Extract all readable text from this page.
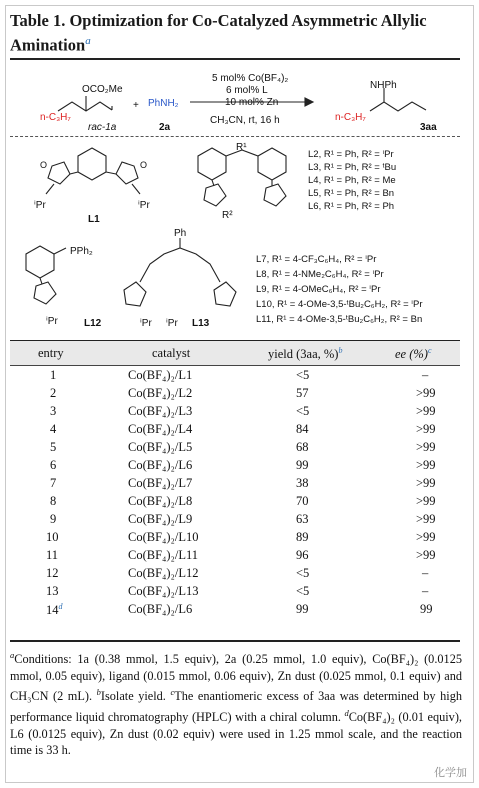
Table 1. Optimization for Co-Catalyzed Asymmetric Allylic
Amination$^a$
OCO₂Me
n-C₃H₇
rac-1a
+ PhNH₂
2a
5 mol% Co(BF₄)₂
6 mol% L
10 mol% Zn
CH₃CN, rt, 16 h
NHPh
n-C₃H₇
3aa
O	O
ⁱPr	ⁱPr
L1
R¹
R²
L2, R¹ = Ph, R² = ⁱPr
L3, R¹ = Ph, R² = ᵗBu
L4, R¹ = Ph, R² = Me
L5, R¹ = Ph, R² = Bn
L6, R¹ = Ph, R² = Ph
PPh₂
ⁱPr	L12
Ph
ⁱPr ⁱPr L13
L7, R¹ = 4-CF₃C₆H₄, R² = ⁱPr
L8, R¹ = 4-NMe₂C₆H₄, R² = ⁱPr
L9, R¹ = 4-OMeC₆H₄, R² = ⁱPr
L10, R¹ = 4-OMe-3,5-ᵗBu₂C₆H₂, R² = ⁱPr
L11, R¹ = 4-OMe-3,5-ᵗBu₂C₆H₂, R² = Bn
entry	catalyst	yield (3aa, %)$^b$	ee (%)$^c$
1	Co(BF₄)₂/L1	<5	–
2	Co(BF₄)₂/L2	57	>99
3	Co(BF₄)₂/L3	<5	>99
4	Co(BF₄)₂/L4	84	>99
5	Co(BF₄)₂/L5	68	>99
6	Co(BF₄)₂/L6	99	>99
7	Co(BF₄)₂/L7	38	>99
8	Co(BF₄)₂/L8	70	>99
9	Co(BF₄)₂/L9	63	>99
10	Co(BF₄)₂/L10	89	>99
11	Co(BF₄)₂/L11	96	>99
12	Co(BF₄)₂/L12	<5	–
13	Co(BF₄)₂/L13	<5	–
14$^d$	Co(BF₄)₂/L6	99	99
$^a$Conditions: 1a (0.38 mmol, 1.5 equiv), 2a (0.25 mmol, 1.0 equiv), Co(BF₄)₂ (0.0125 mmol, 0.05 equiv), ligand (0.015 mmol, 0.06 equiv), Zn dust (0.025 mmol, 0.1 equiv) and CH₃CN (2 mL). $^b$Isolate yield. $^c$The enantiomeric excess of 3aa was determined by high performance liquid chromatography (HPLC) with a chiral column. $^d$Co(BF₄)₂ (0.01 equiv), L6 (0.0125 equiv), Zn dust (0.02 equiv) were used in 1.25 mmol scale, and the reaction time is 33 h.
化学加
